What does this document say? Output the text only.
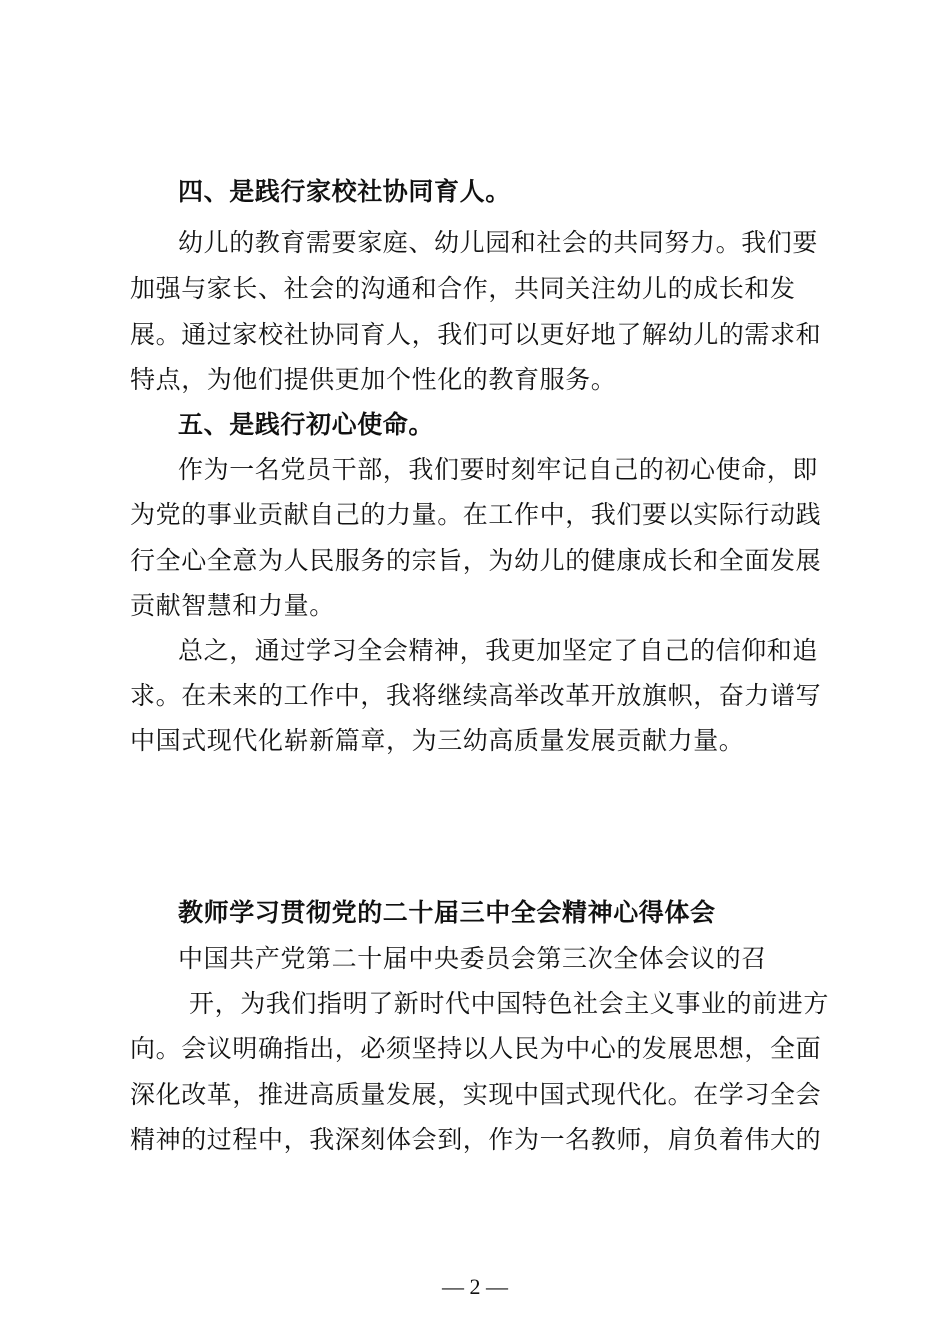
四、是践行家校社协同育人。
幼儿的教育需要家庭、幼儿园和社会的共同努力。我们要
加强与家长、社会的沟通和合作，共同关注幼儿的成长和发
展。通过家校社协同育人，我们可以更好地了解幼儿的需求和
特点，为他们提供更加个性化的教育服务。
五、是践行初心使命。
作为一名党员干部，我们要时刻牢记自己的初心使命，即
为党的事业贡献自己的力量。在工作中，我们要以实际行动践
行全心全意为人民服务的宗旨，为幼儿的健康成长和全面发展
贡献智慧和力量。
总之，通过学习全会精神，我更加坚定了自己的信仰和追
求。在未来的工作中，我将继续高举改革开放旗帜，奋力谱写
中国式现代化崭新篇章，为三幼高质量发展贡献力量。
教师学习贯彻党的二十届三中全会精神心得体会
中国共产党第二十届中央委员会第三次全体会议的召
开，为我们指明了新时代中国特色社会主义事业的前进方
向。会议明确指出，必须坚持以人民为中心的发展思想，全面
深化改革，推进高质量发展，实现中国式现代化。在学习全会
精神的过程中，我深刻体会到，作为一名教师，肩负着伟大的
— 2 —
